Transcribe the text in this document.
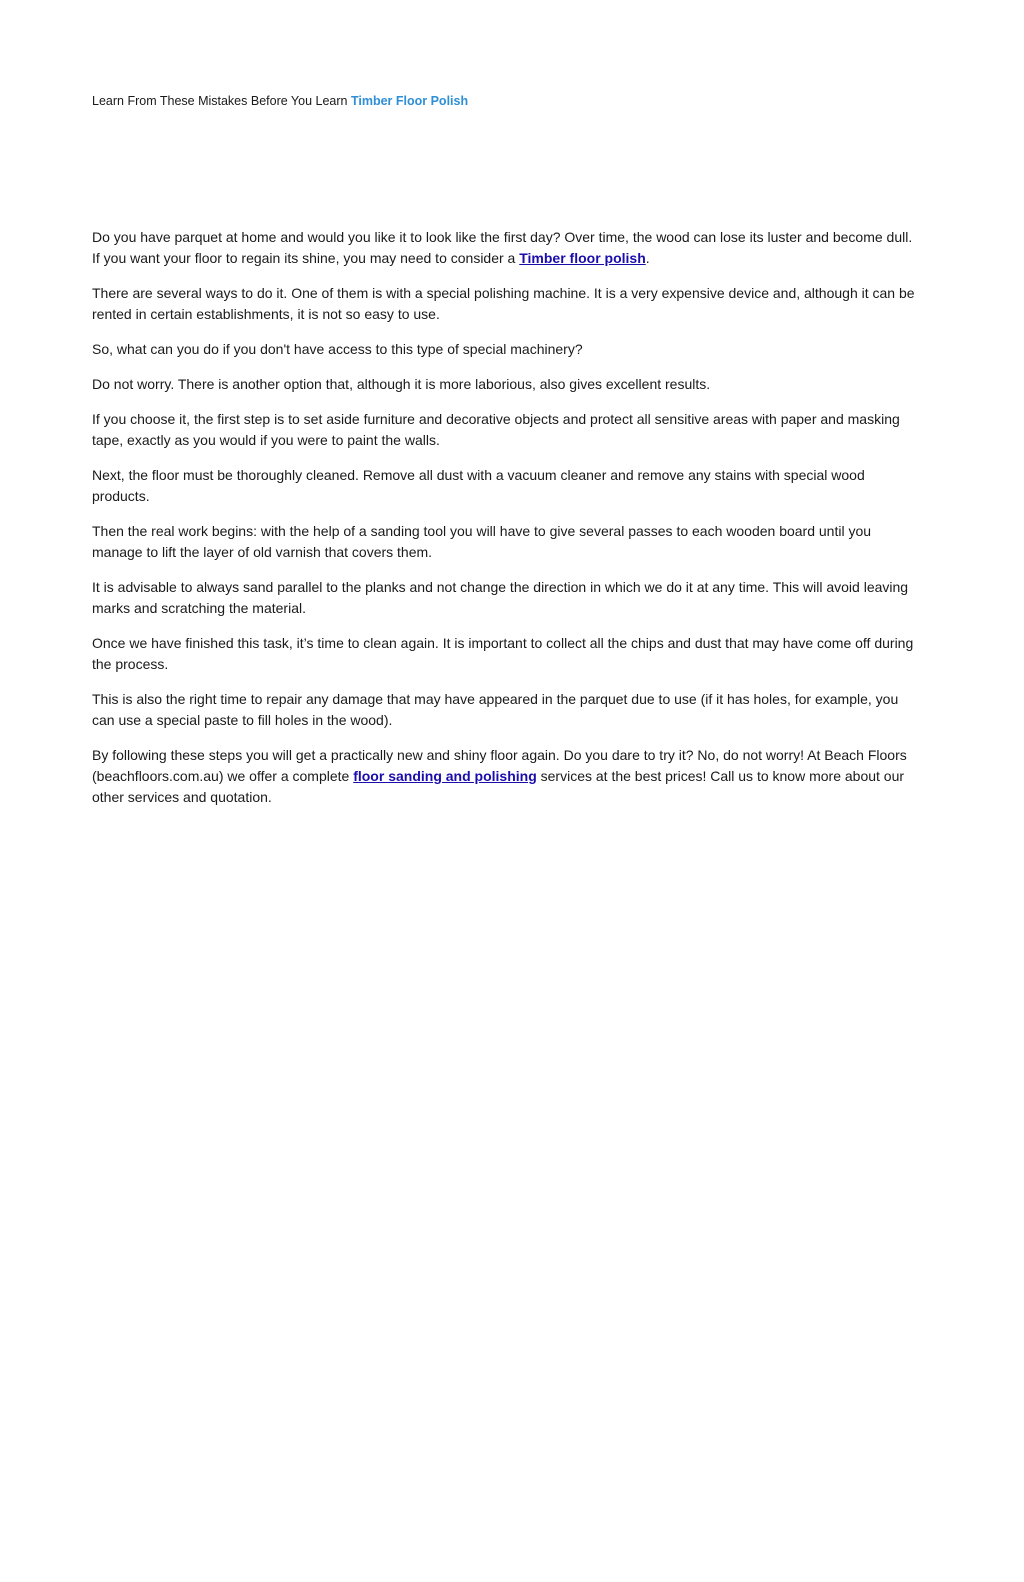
Learn From These Mistakes Before You Learn Timber Floor Polish

Do you have parquet at home and would you like it to look like the first day? Over time, the wood can lose its luster and become dull. If you want your floor to regain its shine, you may need to consider a Timber floor polish.

There are several ways to do it. One of them is with a special polishing machine. It is a very expensive device and, although it can be rented in certain establishments, it is not so easy to use.

So, what can you do if you don't have access to this type of special machinery?

Do not worry. There is another option that, although it is more laborious, also gives excellent results.

If you choose it, the first step is to set aside furniture and decorative objects and protect all sensitive areas with paper and masking tape, exactly as you would if you were to paint the walls.

Next, the floor must be thoroughly cleaned. Remove all dust with a vacuum cleaner and remove any stains with special wood products.

Then the real work begins: with the help of a sanding tool you will have to give several passes to each wooden board until you manage to lift the layer of old varnish that covers them.

It is advisable to always sand parallel to the planks and not change the direction in which we do it at any time. This will avoid leaving marks and scratching the material.

Once we have finished this task, it’s time to clean again. It is important to collect all the chips and dust that may have come off during the process.

This is also the right time to repair any damage that may have appeared in the parquet due to use (if it has holes, for example, you can use a special paste to fill holes in the wood).

By following these steps you will get a practically new and shiny floor again. Do you dare to try it? No, do not worry! At Beach Floors (beachfloors.com.au) we offer a complete floor sanding and polishing services at the best prices! Call us to know more about our other services and quotation.
